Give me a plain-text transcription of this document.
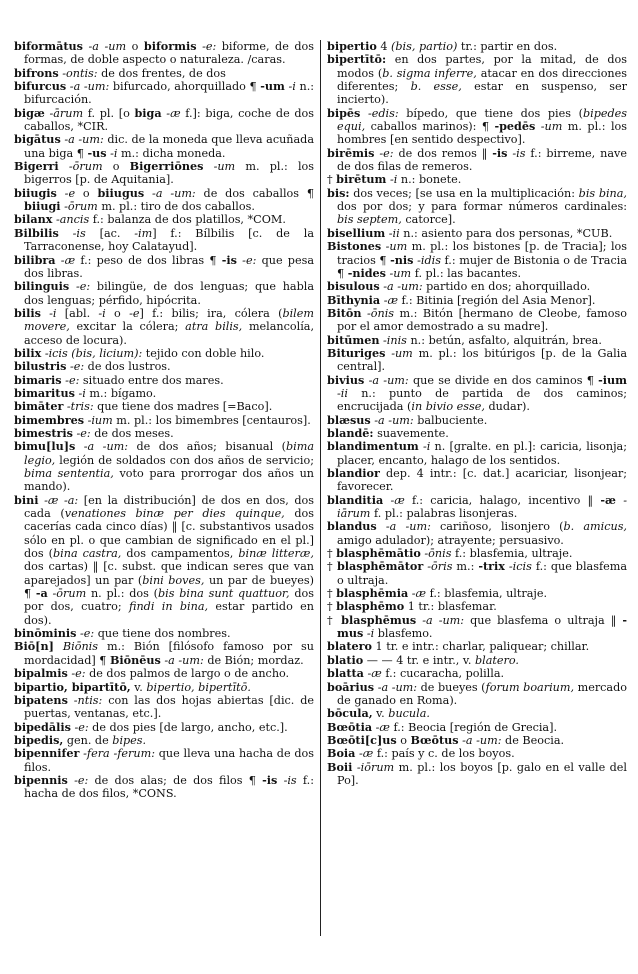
biformātus -a -um o biformis -e: biforme, de dos formas, de doble aspecto o naturaleza. /caras.

bifrons -ontis: de dos frentes, de dos

bifurcus -a -um: bifurcado, ahorquillado ¶ -um -i n.: bifurcación.

bigæ -ārum f. pl. [o biga -æ f.]: biga, coche de dos caballos, *CIR.

bigātus -a -um: dic. de la moneda que lleva acuñada una biga ¶ -us -i m.: dicha moneda.

Bigerri -ōrum o Bigerriōnes -um m. pl.: los bigerros [p. de Aquitania].

biiugis -e o biiugus -a -um: de dos caballos ¶ biiugi -ōrum m. pl.: tiro de dos caballos.

bilanx -ancis f.: balanza de dos platillos, *COM.

Bilbilis -is [ac. -im] f.: Bílbilis [c. de la Tarraconense, hoy Calatayud].

bilibra -æ f.: peso de dos libras ¶ -is -e: que pesa dos libras.

bilinguis -e: bilingüe, de dos lenguas; que habla dos lenguas; pérfido, hipócrita.

bilis -i [abl. -i o -e] f.: bilis; ira, cólera (bilem movere, excitar la cólera; atra bilis, melancolía, acceso de locura).

bilix -icis (bis, licium): tejido con doble hilo.

bilustris -e: de dos lustros.

bimaris -e: situado entre dos mares.

bimaritus -i m.: bígamo.

bimāter -tris: que tiene dos madres [=Baco].

bimembres -ium m. pl.: los bimembres [centauros].

bimestris -e: de dos meses.

bimu[lu]s -a -um: de dos años; bisanual (bima legio, legión de soldados con dos años de servicio; bima sententia, voto para prorrogar dos años un mando).

bini -æ -a: [en la distribución] de dos en dos, dos cada (venationes binæ per dies quinque, dos cacerías cada cinco días) ‖ [c. substantivos usados sólo en pl. o que cambian de significado en el pl.] dos (bina castra, dos campamentos, binæ litteræ, dos cartas) ‖ [c. subst. que indican seres que van aparejados] un par (bini boves, un par de bueyes) ¶ -a -ōrum n. pl.: dos (bis bina sunt quattuor, dos por dos, cuatro; findi in bina, estar partido en dos).

binōminis -e: que tiene dos nombres.

Biō[n] Biōnis m.: Bión [filósofo famoso por su mordacidad] ¶ Biōnēus -a -um: de Bión; mordaz.

bipalmis -e: de dos palmos de largo o de ancho.

bipartio, bipartītō, v. bipertio, bipertītō.

bipatens -ntis: con las dos hojas abiertas [dic. de puertas, ventanas, etc.].

bipedālis -e: de dos pies [de largo, ancho, etc.].

bipedis, gen. de bipes.

bipennifer -fera -ferum: que lleva una hacha de dos filos.

bipennis -e: de dos alas; de dos filos ¶ -is -is f.: hacha de dos filos, *CONS.

bipertio 4 (bis, partio) tr.: partir en dos.

bipertītō: en dos partes, por la mitad, de dos modos (b. sigma inferre, atacar en dos direcciones diferentes; b. esse, estar en suspenso, ser incierto).

bipēs -edis: bípedo, que tiene dos pies (bipedes equi, caballos marinos): ¶ -pedēs -um m. pl.: los hombres [en sentido despectivo].

birēmis -e: de dos remos ‖ -is -is f.: birreme, nave de dos filas de remeros.

† birētum -i n.: bonete.

bis: dos veces; [se usa en la multiplicación: bis bina, dos por dos; y para formar números cardinales: bis septem, catorce].

bisellium -ii n.: asiento para dos personas, *CUB.

Bistones -um m. pl.: los bistones [p. de Tracia]; los tracios ¶ -nis -idis f.: mujer de Bistonia o de Tracia ¶ -nides -um f. pl.: las bacantes.

bisulous -a -um: partido en dos; ahorquillado.

Bīthynia -æ f.: Bitinia [región del Asia Menor].

Bitōn -ōnis m.: Bitón [hermano de Cleobe, famoso por el amor demostrado a su madre].

bitūmen -inis n.: betún, asfalto, alquitrán, brea.

Bituriges -um m. pl.: los bitúrigos [p. de la Galia central].

bivius -a -um: que se divide en dos caminos ¶ -ium -ii n.: punto de partida de dos caminos; encrucijada (in bivio esse, dudar).

blæsus -a -um: balbuciente.

blandē: suavemente.

blandimentum -i n. [gralte. en pl.]: caricia, lisonja; placer, encanto, halago de los sentidos.

blandior dep. 4 intr.: [c. dat.] acariciar, lisonjear; favorecer.

blanditia -æ f.: caricia, halago, incentivo ‖ -æ -iārum f. pl.: palabras lisonjeras.

blandus -a -um: cariñoso, lisonjero (b. amicus, amigo adulador); atrayente; persuasivo.

† blasphēmātio -ōnis f.: blasfemia, ultraje.

† blasphēmātor -ōris m.: -trix -icis f.: que blasfema o ultraja.

† blasphēmia -æ f.: blasfemia, ultraje.

† blasphēmo 1 tr.: blasfemar.

† blasphēmus -a -um: que blasfema o ultraja ‖ -mus -i blasfemo.

blatero 1 tr. e intr.: charlar, paliquear; chillar.

blatio — — 4 tr. e intr., v. blatero.

blatta -æ f.: cucaracha, polilla.

boārius -a -um: de bueyes (forum boarium, mercado de ganado en Roma).

bōcula, v. bucula.

Bœōtia -æ f.: Beocia [región de Grecia].

Bœōti[c]us o Bœōtus -a -um: de Beocia.

Boia -æ f.: país y c. de los boyos.

Boii -iōrum m. pl.: los boyos [p. galo en el valle del Po].
